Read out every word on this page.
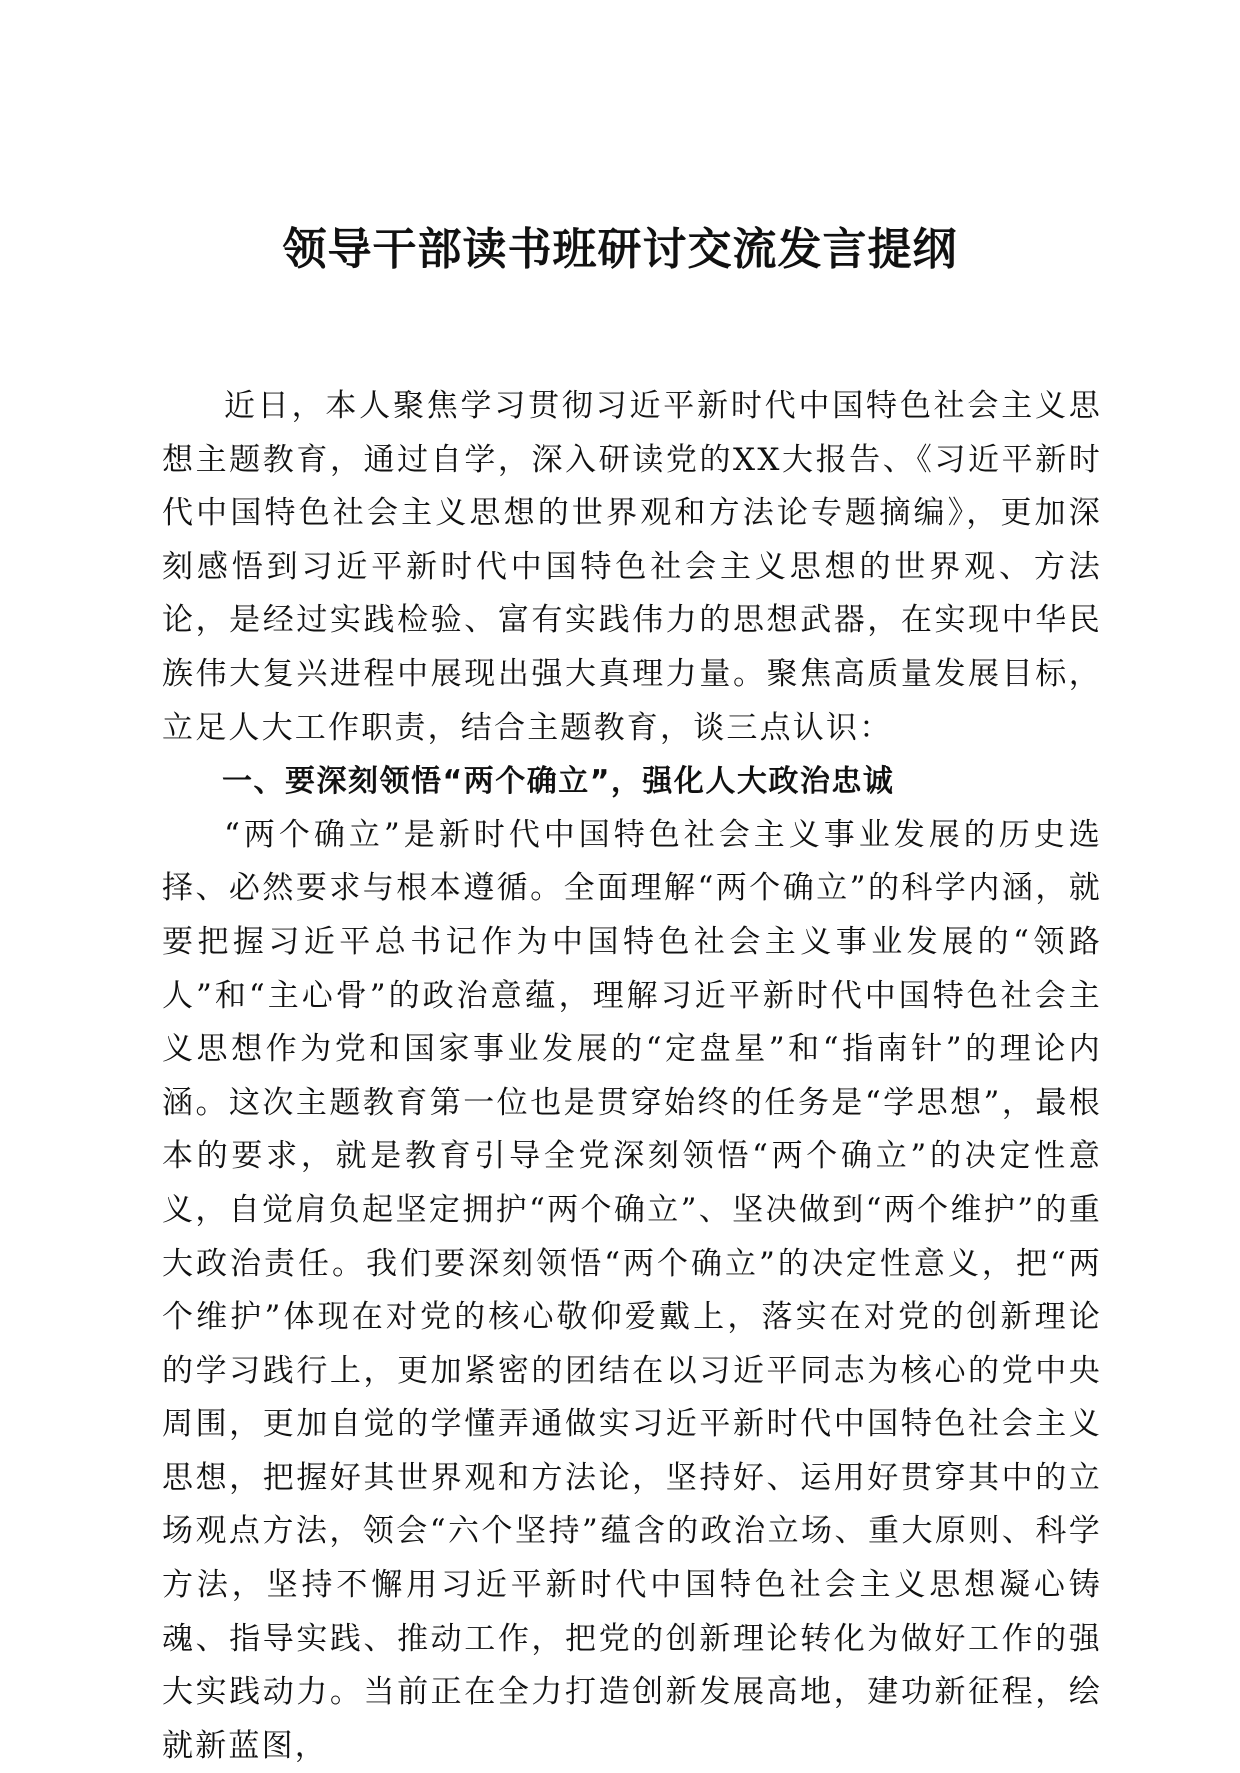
领导干部读书班研讨交流发言提纲

近日，本人聚焦学习贯彻习近平新时代中国特色社会主义思想主题教育，通过自学，深入研读党的XX大报告、《习近平新时代中国特色社会主义思想的世界观和方法论专题摘编》，更加深刻感悟到习近平新时代中国特色社会主义思想的世界观、方法论，是经过实践检验、富有实践伟力的思想武器，在实现中华民族伟大复兴进程中展现出强大真理力量。聚焦高质量发展目标，立足人大工作职责，结合主题教育，谈三点认识：

一、要深刻领悟“两个确立”，强化人大政治忠诚

“两个确立”是新时代中国特色社会主义事业发展的历史选择、必然要求与根本遵循。全面理解“两个确立”的科学内涵，就要把握习近平总书记作为中国特色社会主义事业发展的“领路人”和“主心骨”的政治意蕴，理解习近平新时代中国特色社会主义思想作为党和国家事业发展的“定盘星”和“指南针”的理论内涵。这次主题教育第一位也是贯穿始终的任务是“学思想”，最根本的要求，就是教育引导全党深刻领悟“两个确立”的决定性意义，自觉肩负起坚定拥护“两个确立”、坚决做到“两个维护”的重大政治责任。我们要深刻领悟“两个确立”的决定性意义，把“两个维护”体现在对党的核心敬仰爱戴上，落实在对党的创新理论的学习践行上，更加紧密的团结在以习近平同志为核心的党中央周围，更加自觉的学懂弄通做实习近平新时代中国特色社会主义思想，把握好其世界观和方法论，坚持好、运用好贯穿其中的立场观点方法，领会“六个坚持”蕴含的政治立场、重大原则、科学方法，坚持不懈用习近平新时代中国特色社会主义思想凝心铸魂、指导实践、推动工作，把党的创新理论转化为做好工作的强大实践动力。当前正在全力打造创新发展高地，建功新征程，绘就新蓝图，
